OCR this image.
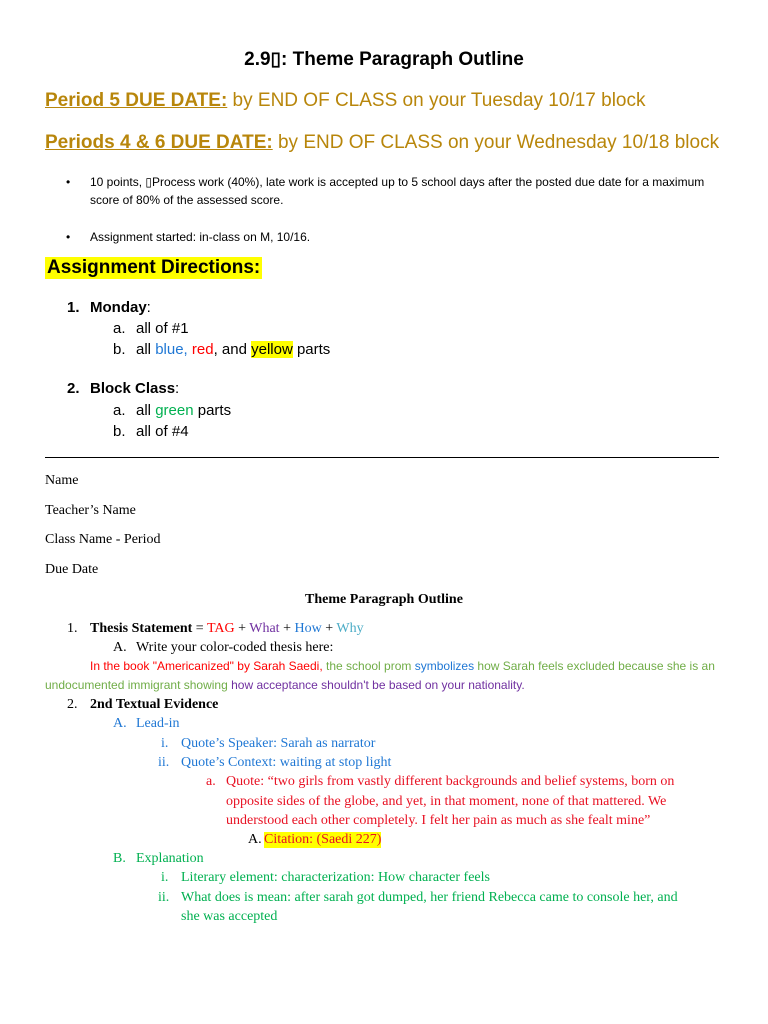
2.9▯: Theme Paragraph Outline
Period 5 DUE DATE: by END OF CLASS on your Tuesday 10/17 block
Periods 4 & 6 DUE DATE: by END OF CLASS on your Wednesday 10/18 block
• 10 points, ▯Process work (40%), late work is accepted up to 5 school days after the posted due date for a maximum score of 80% of the assessed score.
• Assignment started: in-class on M, 10/16.
Assignment Directions:
1. Monday:
a. all of #1
b. all blue, red, and yellow parts
2. Block Class:
a. all green parts
b. all of #4
Name
Teacher’s Name
Class Name - Period
Due Date
Theme Paragraph Outline
1. Thesis Statement = TAG + What + How + Why
A. Write your color-coded thesis here:
In the book "Americanized" by Sarah Saedi, the school prom symbolizes how Sarah feels excluded because she is an undocumented immigrant showing how acceptance shouldn't be based on your nationality.
2. 2nd Textual Evidence
A. Lead-in
i. Quote’s Speaker: Sarah as narrator
ii. Quote’s Context: waiting at stop light
a. Quote: “two girls from vastly different backgrounds and belief systems, born on
opposite sides of the globe, and yet, in that moment, none of that mattered. We
understood each other completely. I felt her pain as much as she fealt mine”
A. Citation: (Saedi 227)
B. Explanation
i. Literary element: characterization: How character feels
ii. What does is mean: after sarah got dumped, her friend Rebecca came to console her, and
she was accepted
